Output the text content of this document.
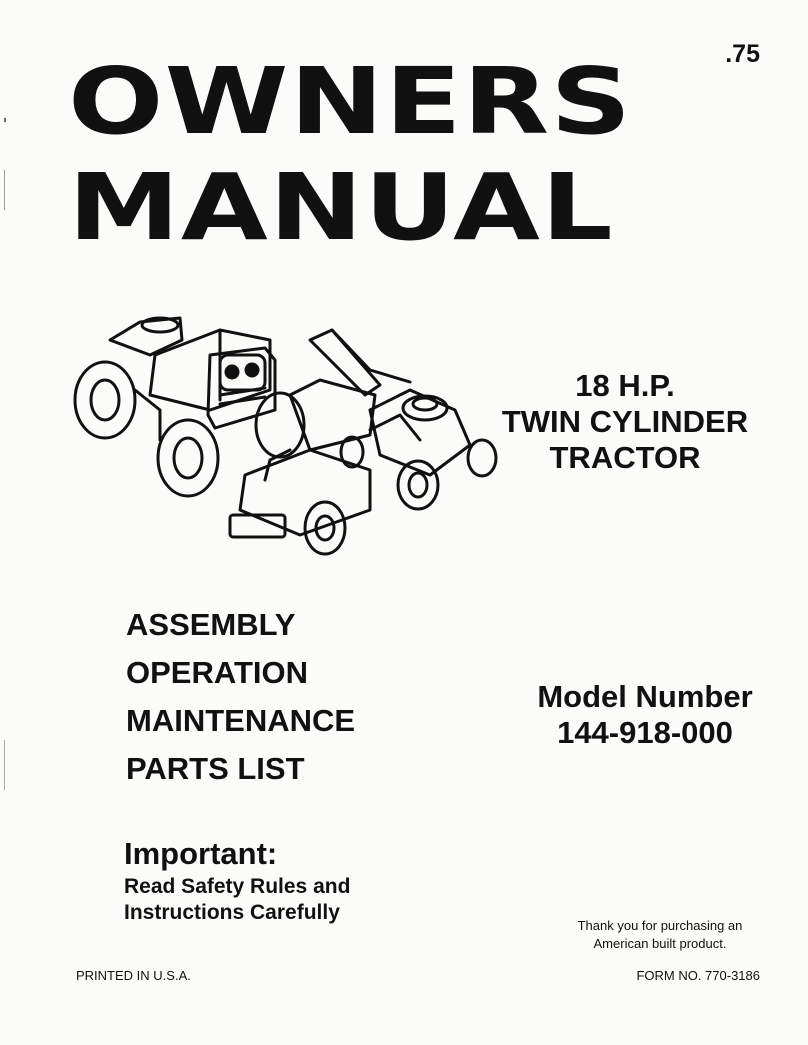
.75
OWNERS
MANUAL
18 H.P.
TWIN CYLINDER
TRACTOR
ASSEMBLY
OPERATION
MAINTENANCE
PARTS LIST
Model Number
144-918-000
Important:
Read Safety Rules and
Instructions Carefully
Thank you for purchasing an
American built product.
PRINTED IN U.S.A.	FORM NO. 770-3186
